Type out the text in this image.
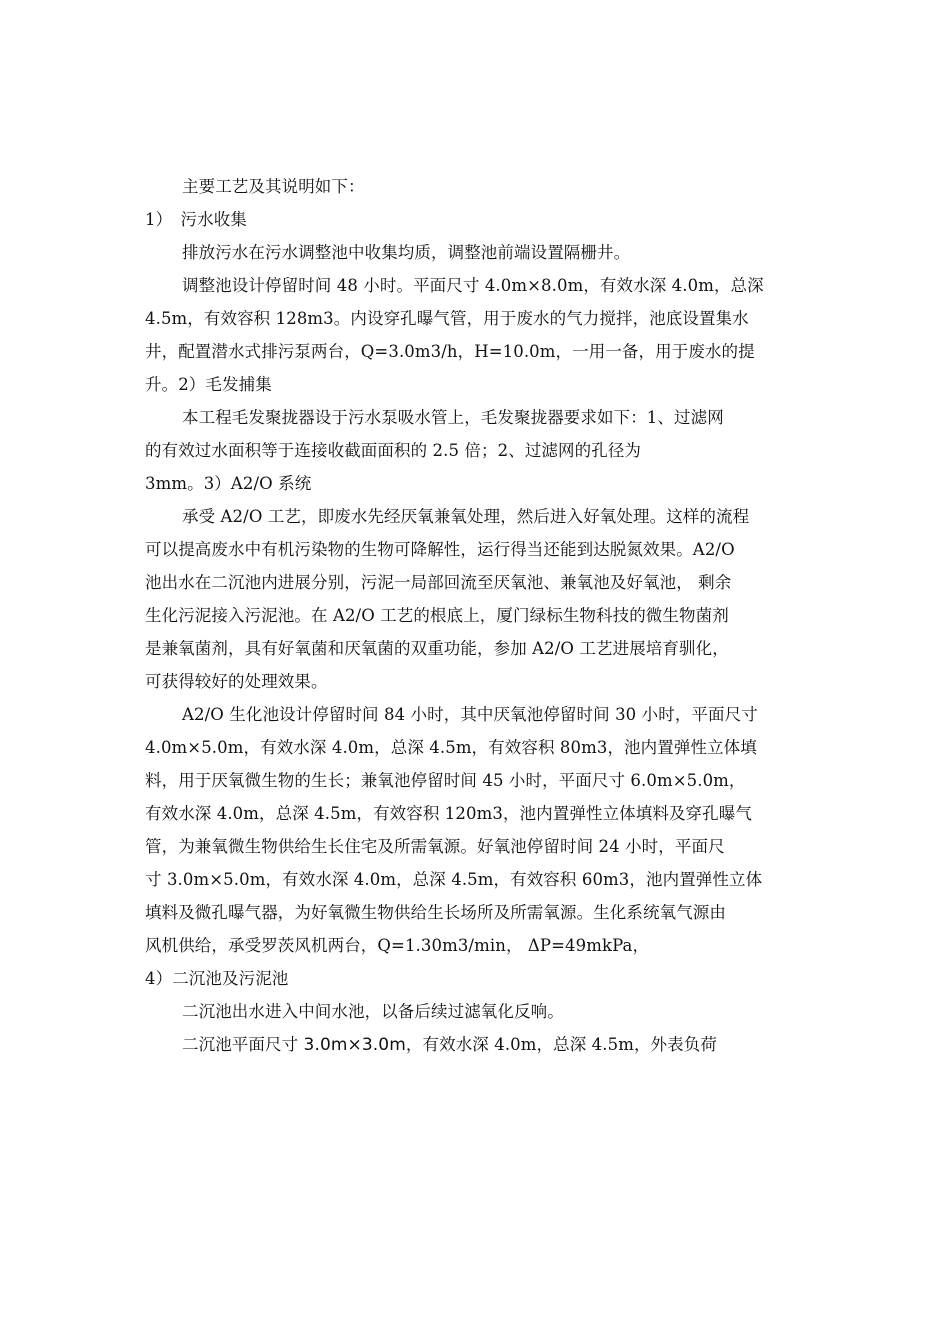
主要工艺及其说明如下：
1）　污水收集
排放污水在污水调整池中收集均质，调整池前端设置隔栅井。
调整池设计停留时间 48 小时。平面尺寸 4.0m×8.0m，有效水深 4.0m，总深
4.5m，有效容积 128m3。内设穿孔曝气管，用于废水的气力搅拌，池底设置集水
井，配置潜水式排污泵两台，Q=3.0m3/h，H=10.0m，一用一备，用于废水的提
升。2）毛发捕集
本工程毛发聚拢器设于污水泵吸水管上，毛发聚拢器要求如下：1、过滤网
的有效过水面积等于连接收截面面积的 2.5 倍；2、过滤网的孔径为
3mm。3）A2/O 系统
承受 A2/O 工艺，即废水先经厌氧兼氧处理，然后进入好氧处理。这样的流程
可以提高废水中有机污染物的生物可降解性，运行得当还能到达脱氮效果。A2/O
池出水在二沉池内进展分别，污泥一局部回流至厌氧池、兼氧池及好氧池， 剩余
生化污泥接入污泥池。在 A2/O 工艺的根底上，厦门绿标生物科技的微生物菌剂
是兼氧菌剂，具有好氧菌和厌氧菌的双重功能，参加 A2/O 工艺进展培育驯化，
可获得较好的处理效果。
A2/O 生化池设计停留时间 84 小时，其中厌氧池停留时间 30 小时，平面尺寸
4.0m×5.0m，有效水深 4.0m，总深 4.5m，有效容积 80m3，池内置弹性立体填
料，用于厌氧微生物的生长；兼氧池停留时间 45 小时，平面尺寸 6.0m×5.0m，
有效水深 4.0m，总深 4.5m，有效容积 120m3，池内置弹性立体填料及穿孔曝气
管，为兼氧微生物供给生长住宅及所需氧源。好氧池停留时间 24 小时，平面尺
寸 3.0m×5.0m，有效水深 4.0m，总深 4.5m，有效容积 60m3，池内置弹性立体
填料及微孔曝气器，为好氧微生物供给生长场所及所需氧源。生化系统氧气源由
风机供给，承受罗茨风机两台，Q=1.30m3/min， ΔP=49mkPa，
4）二沉池及污泥池
二沉池出水进入中间水池，以备后续过滤氧化反响。
二沉池平面尺寸 3.0m×3.0m，有效水深 4.0m，总深 4.5m，外表负荷
